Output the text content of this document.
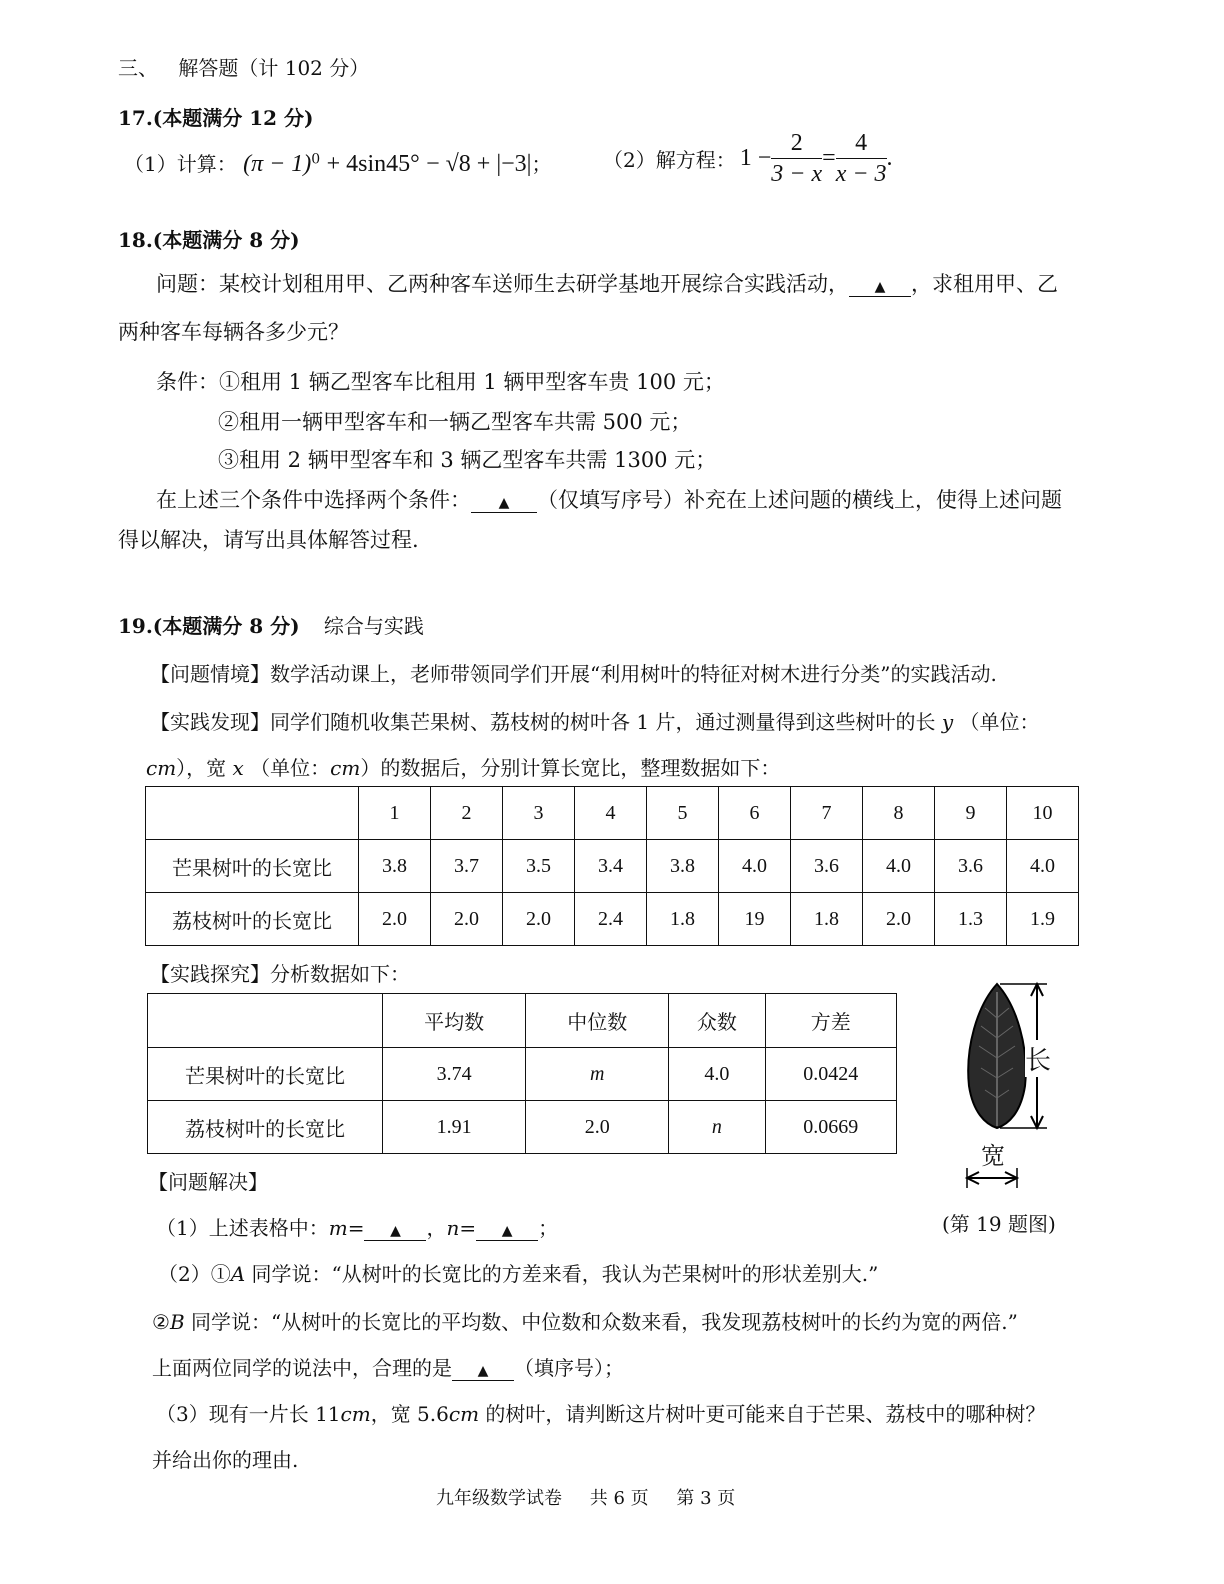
三、 解答题（计 102 分）
17.(本题满分 12 分)
（1）计算： $(\pi - 1)^0 + 4\sin 45^\circ - √8 + |-3|$；	（2）解方程： $1 - \frac{2}{3 - x} = \frac{4}{x - 3}$ .
18.(本题满分 8 分)
问题：某校计划租用甲、乙两种客车送师生去研学基地开展综合实践活动， ▲ ，求租用甲、乙
两种客车每辆各多少元？
条件：①租用 1 辆乙型客车比租用 1 辆甲型客车贵 100 元；
②租用一辆甲型客车和一辆乙型客车共需 500 元；
③租用 2 辆甲型客车和 3 辆乙型客车共需 1300 元；
在上述三个条件中选择两个条件： ▲ （仅填写序号）补充在上述问题的横线上，使得上述问题
得以解决，请写出具体解答过程.
19.(本题满分 8 分) 综合与实践
【问题情境】数学活动课上，老师带领同学们开展“利用树叶的特征对树木进行分类”的实践活动.
【实践发现】同学们随机收集芒果树、荔枝树的树叶各 1 片，通过测量得到这些树叶的长 y （单位：
cm），宽 x （单位：cm）的数据后，分别计算长宽比，整理数据如下：
	1	2	3	4	5	6	7	8	9	10
芒果树叶的长宽比	3.8	3.7	3.5	3.4	3.8	4.0	3.6	4.0	3.6	4.0
荔枝树叶的长宽比	2.0	2.0	2.0	2.4	1.8	19	1.8	2.0	1.3	1.9
【实践探究】分析数据如下：
	平均数	中位数	众数	方差
芒果树叶的长宽比	3.74	m	4.0	0.0424
荔枝树叶的长宽比	1.91	2.0	n	0.0669
长
宽
(第 19 题图)
【问题解决】
（1）上述表格中：m= ▲ ，n= ▲ ；
（2）①A 同学说：“从树叶的长宽比的方差来看，我认为芒果树叶的形状差别大.”
②B 同学说：“从树叶的长宽比的平均数、中位数和众数来看，我发现荔枝树叶的长约为宽的两倍.”
上面两位同学的说法中，合理的是 ▲ （填序号）；
（3）现有一片长 11cm，宽 5.6cm 的树叶，请判断这片树叶更可能来自于芒果、荔枝中的哪种树？
并给出你的理由.
九年级数学试卷 共 6 页 第 3 页
